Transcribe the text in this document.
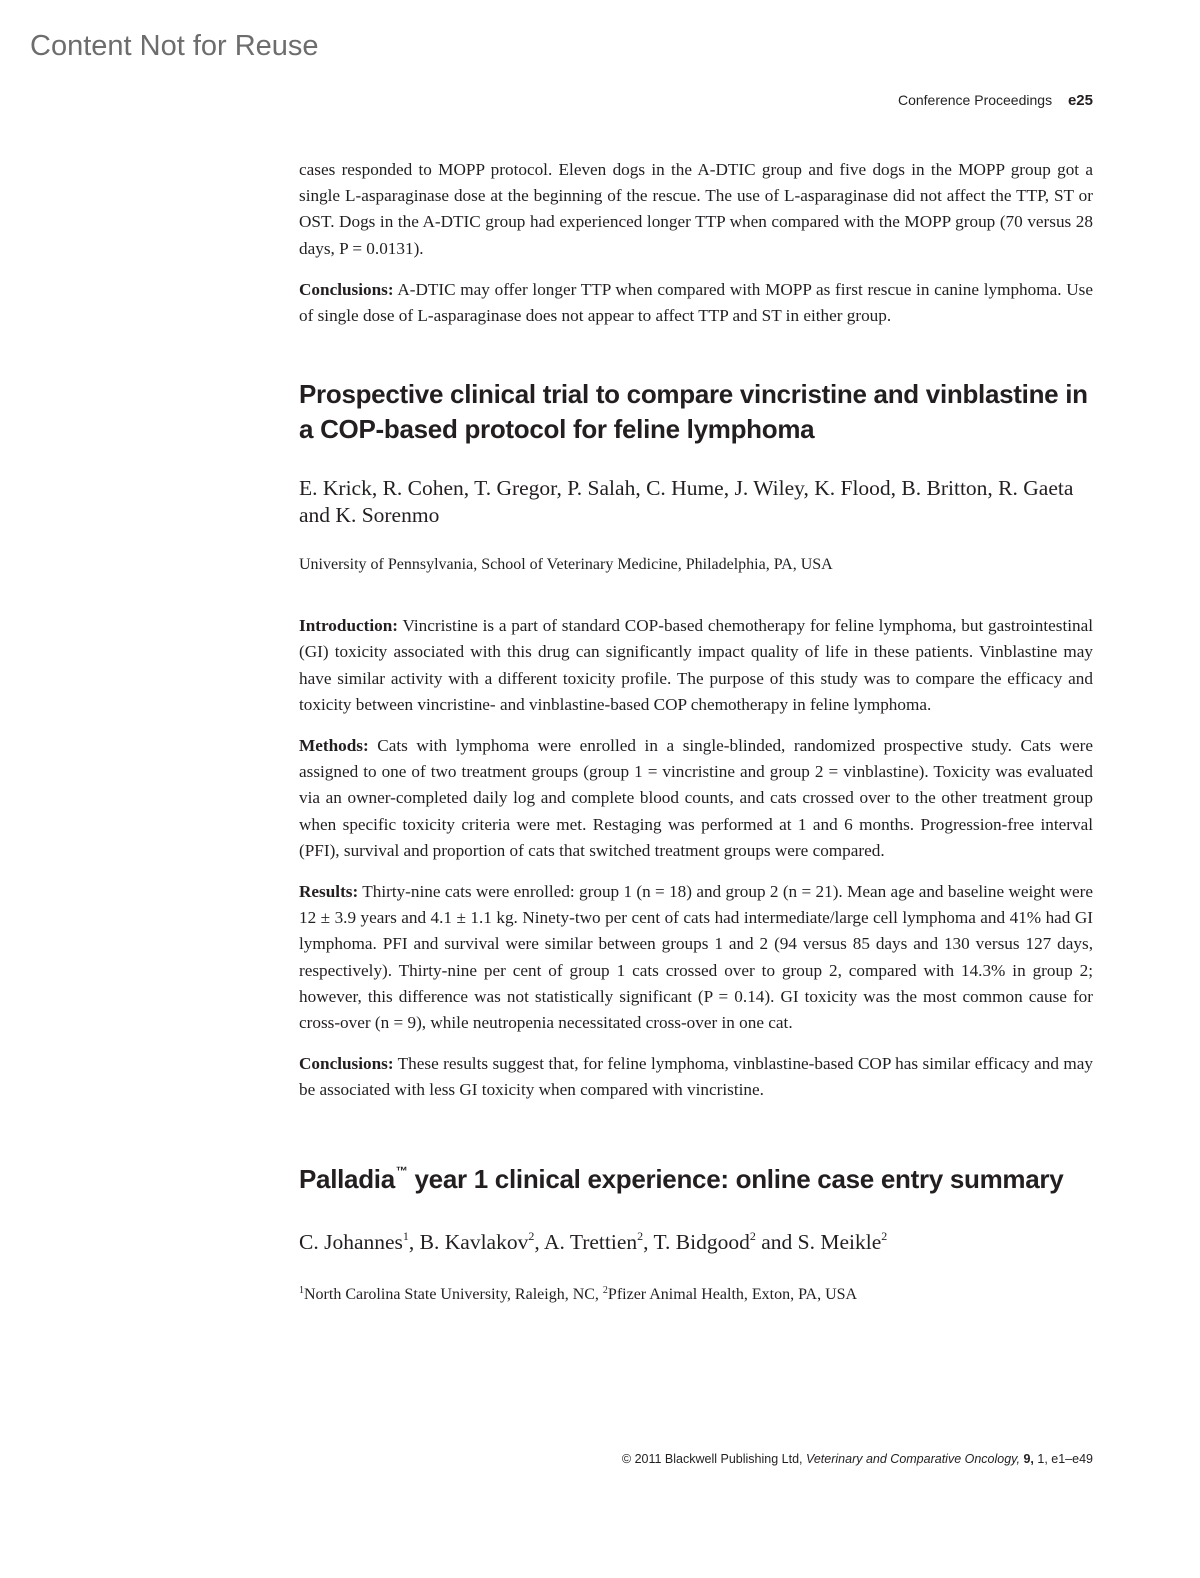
Content Not for Reuse
Conference Proceedings e25

cases responded to MOPP protocol. Eleven dogs in the A-DTIC group and five dogs in the MOPP group got a single L-asparaginase dose at the beginning of the rescue. The use of L-asparaginase did not affect the TTP, ST or OST. Dogs in the A-DTIC group had experienced longer TTP when compared with the MOPP group (70 versus 28 days, P = 0.0131).

Conclusions: A-DTIC may offer longer TTP when compared with MOPP as first rescue in canine lymphoma. Use of single dose of L-asparaginase does not appear to affect TTP and ST in either group.

Prospective clinical trial to compare vincristine and vinblastine in a COP-based protocol for feline lymphoma

E. Krick, R. Cohen, T. Gregor, P. Salah, C. Hume, J. Wiley, K. Flood, B. Britton, R. Gaeta and K. Sorenmo

University of Pennsylvania, School of Veterinary Medicine, Philadelphia, PA, USA

Introduction: Vincristine is a part of standard COP-based chemotherapy for feline lymphoma, but gastrointestinal (GI) toxicity associated with this drug can significantly impact quality of life in these patients. Vinblastine may have similar activity with a different toxicity profile. The purpose of this study was to compare the efficacy and toxicity between vincristine- and vinblastine-based COP chemotherapy in feline lymphoma.

Methods: Cats with lymphoma were enrolled in a single-blinded, randomized prospective study. Cats were assigned to one of two treatment groups (group 1 = vincristine and group 2 = vinblastine). Toxicity was evaluated via an owner-completed daily log and complete blood counts, and cats crossed over to the other treatment group when specific toxicity criteria were met. Restaging was performed at 1 and 6 months. Progression-free interval (PFI), survival and proportion of cats that switched treatment groups were compared.

Results: Thirty-nine cats were enrolled: group 1 (n = 18) and group 2 (n = 21). Mean age and baseline weight were 12 ± 3.9 years and 4.1 ± 1.1 kg. Ninety-two per cent of cats had intermediate/large cell lymphoma and 41% had GI lymphoma. PFI and survival were similar between groups 1 and 2 (94 versus 85 days and 130 versus 127 days, respectively). Thirty-nine per cent of group 1 cats crossed over to group 2, compared with 14.3% in group 2; however, this difference was not statistically significant (P = 0.14). GI toxicity was the most common cause for cross-over (n = 9), while neutropenia necessitated cross-over in one cat.

Conclusions: These results suggest that, for feline lymphoma, vinblastine-based COP has similar efficacy and may be associated with less GI toxicity when compared with vincristine.

Palladia™ year 1 clinical experience: online case entry summary

C. Johannes$^1$, B. Kavlakov$^2$, A. Trettien$^2$, T. Bidgood$^2$ and S. Meikle$^2$

$^1$North Carolina State University, Raleigh, NC, $^2$Pfizer Animal Health, Exton, PA, USA

© 2011 Blackwell Publishing Ltd, Veterinary and Comparative Oncology, 9, 1, e1–e49
